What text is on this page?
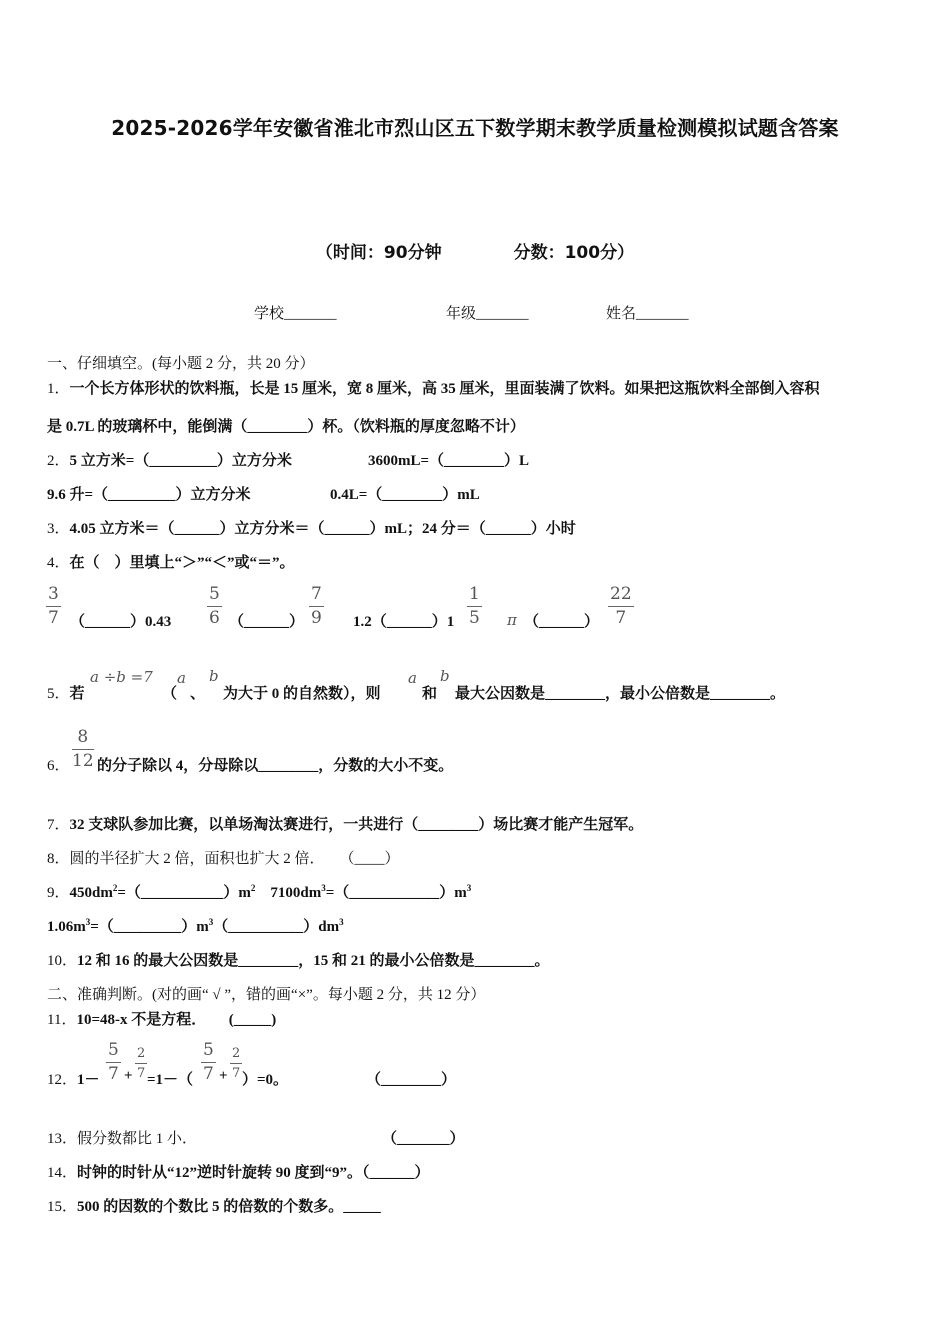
2025-2026学年安徽省淮北市烈山区五下数学期末教学质量检测模拟试题含答案
（时间：90分钟	分数：100分）
学校_______	年级_______	姓名_______
一、仔细填空。(每小题 2 分，共 20 分）
1．一个长方体形状的饮料瓶，长是 15 厘米，宽 8 厘米，高 35 厘米，里面装满了饮料。如果把这瓶饮料全部倒入容积
是 0.7L 的玻璃杯中，能倒满（________）杯。（饮料瓶的厚度忽略不计）
2．5 立方米=（_________）立方分米	3600mL=（________）L
9.6 升=（_________）立方分米	0.4L=（________）mL
3．4.05 立方米＝（______）立方分米＝（______）mL；24 分＝（______）小时
4．在（　）里填上“＞”“＜”或“＝”。
3
7 （______）0.43
5
6 （______）
7
9 1.2（______）1
1
5 π （______）
22
7
5．若
a ÷b =7
（
a
、
b
为大于 0 的自然数），则
a
和
b
最大公因数是________，最小公倍数是________。
6．
8
12 的分子除以 4，分母除以________，分数的大小不变。
7．32 支球队参加比赛，以单场淘汰赛进行，一共进行（________）场比赛才能产生冠军。
8．圆的半径扩大 2 倍，面积也扩大 2 倍．　　（____）
9．$450dm^2=(\_\_\_\_\_\_\_\_\_\_\_)m^2$　$7100dm^3=(\_\_\_\_\_\_\_\_\_\_\_\_)m^3$
$1.06m^3=(\_\_\_\_\_\_\_\_\_)m^3(\_\_\_\_\_\_\_\_\_\_)dm^3$
10．12 和 16 的最大公因数是________，15 和 21 的最小公倍数是________。
二、准确判断。(对的画“ √ ”，错的画“×”。每小题 2 分，共 12 分）
11．10=48-x 不是方程．　　(_____)
12．1－
5
7 +
2
7 =1－（
5
7 +
2
7 ）=0。	（________）
13．假分数都比 1 小．	（_______）
14．时钟的时针从“12”逆时针旋转 90 度到“9”。（______）
15．500 的因数的个数比 5 的倍数的个数多。_____
